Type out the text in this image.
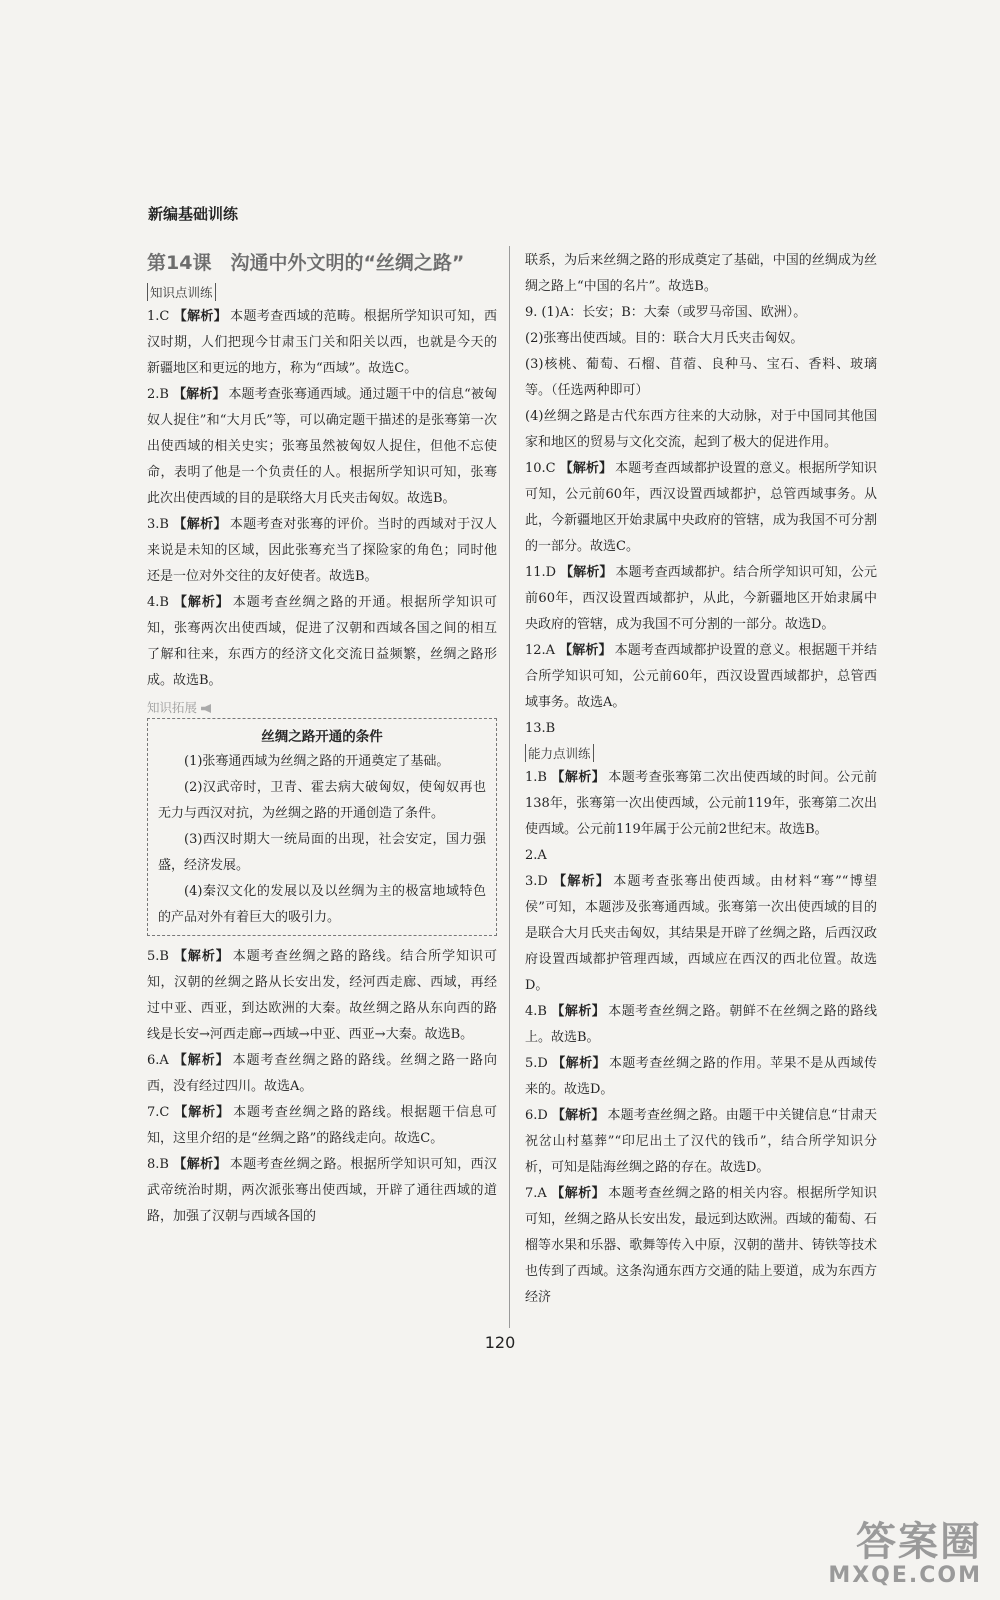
新编基础训练
第14课　沟通中外文明的“丝绸之路”
知识点训练
1.C 【解析】 本题考查西域的范畴。根据所学知识可知，西汉时期，人们把现今甘肃玉门关和阳关以西，也就是今天的新疆地区和更远的地方，称为“西域”。故选C。
2.B 【解析】 本题考查张骞通西域。通过题干中的信息“被匈奴人捉住”和“大月氏”等，可以确定题干描述的是张骞第一次出使西域的相关史实；张骞虽然被匈奴人捉住，但他不忘使命，表明了他是一个负责任的人。根据所学知识可知，张骞此次出使西域的目的是联络大月氏夹击匈奴。故选B。
3.B 【解析】 本题考查对张骞的评价。当时的西域对于汉人来说是未知的区域，因此张骞充当了探险家的角色；同时他还是一位对外交往的友好使者。故选B。
4.B 【解析】 本题考查丝绸之路的开通。根据所学知识可知，张骞两次出使西域，促进了汉朝和西域各国之间的相互了解和往来，东西方的经济文化交流日益频繁，丝绸之路形成。故选B。
知识拓展
丝绸之路开通的条件

(1)张骞通西域为丝绸之路的开通奠定了基础。

(2)汉武帝时，卫青、霍去病大破匈奴，使匈奴再也无力与西汉对抗，为丝绸之路的开通创造了条件。

(3)西汉时期大一统局面的出现，社会安定，国力强盛，经济发展。

(4)秦汉文化的发展以及以丝绸为主的极富地域特色的产品对外有着巨大的吸引力。

5.B 【解析】 本题考查丝绸之路的路线。结合所学知识可知，汉朝的丝绸之路从长安出发，经河西走廊、西域，再经过中亚、西亚，到达欧洲的大秦。故丝绸之路从东向西的路线是长安→河西走廊→西域→中亚、西亚→大秦。故选B。
6.A 【解析】 本题考查丝绸之路的路线。丝绸之路一路向西，没有经过四川。故选A。
7.C 【解析】 本题考查丝绸之路的路线。根据题干信息可知，这里介绍的是“丝绸之路”的路线走向。故选C。
8.B 【解析】 本题考查丝绸之路。根据所学知识可知，西汉武帝统治时期，两次派张骞出使西域，开辟了通往西域的道路，加强了汉朝与西域各国的
联系，为后来丝绸之路的形成奠定了基础，中国的丝绸成为丝绸之路上“中国的名片”。故选B。
9. (1)A：长安；B：大秦（或罗马帝国、欧洲）。
(2)张骞出使西域。目的：联合大月氏夹击匈奴。
(3)核桃、葡萄、石榴、苜蓿、良种马、宝石、香料、玻璃等。（任选两种即可）
(4)丝绸之路是古代东西方往来的大动脉，对于中国同其他国家和地区的贸易与文化交流，起到了极大的促进作用。
10.C 【解析】 本题考查西域都护设置的意义。根据所学知识可知，公元前60年，西汉设置西域都护，总管西域事务。从此，今新疆地区开始隶属中央政府的管辖，成为我国不可分割的一部分。故选C。
11.D 【解析】 本题考查西域都护。结合所学知识可知，公元前60年，西汉设置西域都护，从此，今新疆地区开始隶属中央政府的管辖，成为我国不可分割的一部分。故选D。
12.A 【解析】 本题考查西域都护设置的意义。根据题干并结合所学知识可知，公元前60年，西汉设置西域都护，总管西域事务。故选A。
13.B
能力点训练
1.B 【解析】 本题考查张骞第二次出使西域的时间。公元前138年，张骞第一次出使西域，公元前119年，张骞第二次出使西域。公元前119年属于公元前2世纪末。故选B。
2.A
3.D 【解析】 本题考查张骞出使西域。由材料“骞”“博望侯”可知，本题涉及张骞通西域。张骞第一次出使西域的目的是联合大月氏夹击匈奴，其结果是开辟了丝绸之路，后西汉政府设置西域都护管理西域，西域应在西汉的西北位置。故选D。
4.B 【解析】 本题考查丝绸之路。朝鲜不在丝绸之路的路线上。故选B。
5.D 【解析】 本题考查丝绸之路的作用。苹果不是从西域传来的。故选D。
6.D 【解析】 本题考查丝绸之路。由题干中关键信息“甘肃天祝岔山村墓葬”“印尼出土了汉代的钱币”，结合所学知识分析，可知是陆海丝绸之路的存在。故选D。
7.A 【解析】 本题考查丝绸之路的相关内容。根据所学知识可知，丝绸之路从长安出发，最远到达欧洲。西域的葡萄、石榴等水果和乐器、歌舞等传入中原，汉朝的凿井、铸铁等技术也传到了西域。这条沟通东西方交通的陆上要道，成为东西方经济
120
答案圈
MXQE.COM
